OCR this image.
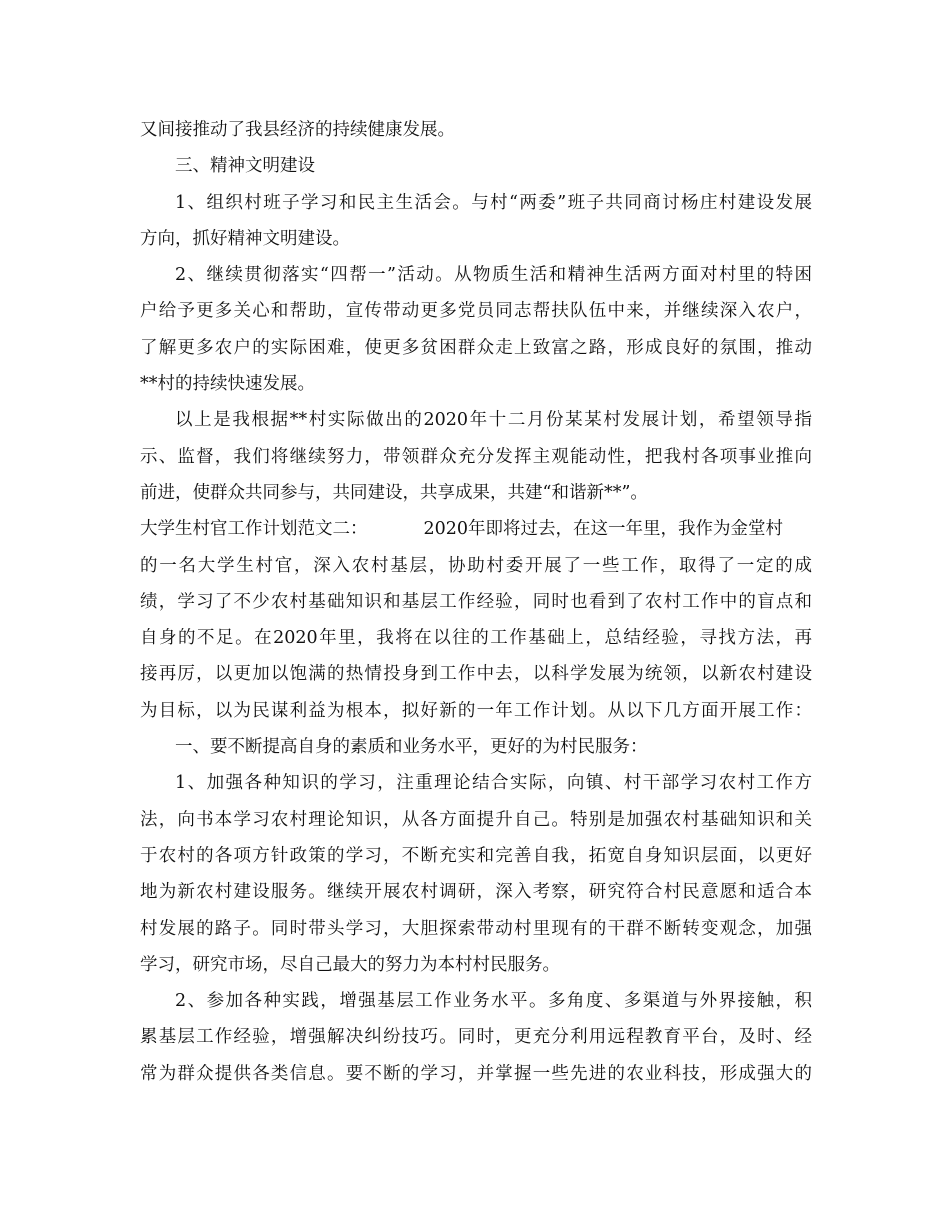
又间接推动了我县经济的持续健康发展。
三、精神文明建设
1、组织村班子学习和民主生活会。与村“两委”班子共同商讨杨庄村建设发展
方向，抓好精神文明建设。
2、继续贯彻落实“四帮一”活动。从物质生活和精神生活两方面对村里的特困
户给予更多关心和帮助，宣传带动更多党员同志帮扶队伍中来，并继续深入农户，
了解更多农户的实际困难，使更多贫困群众走上致富之路，形成良好的氛围，推动
**村的持续快速发展。
以上是我根据**村实际做出的2020年十二月份某某村发展计划，希望领导指
示、监督，我们将继续努力，带领群众充分发挥主观能动性，把我村各项事业推向
前进，使群众共同参与，共同建设，共享成果，共建“和谐新**”。
大学生村官工作计划范文二：	2020年即将过去，在这一年里，我作为金堂村
的一名大学生村官，深入农村基层，协助村委开展了一些工作，取得了一定的成
绩，学习了不少农村基础知识和基层工作经验，同时也看到了农村工作中的盲点和
自身的不足。在2020年里，我将在以往的工作基础上，总结经验，寻找方法，再
接再厉，以更加以饱满的热情投身到工作中去，以科学发展为统领，以新农村建设
为目标，以为民谋利益为根本，拟好新的一年工作计划。从以下几方面开展工作：
一、要不断提高自身的素质和业务水平，更好的为村民服务：
1、加强各种知识的学习，注重理论结合实际，向镇、村干部学习农村工作方
法，向书本学习农村理论知识，从各方面提升自己。特别是加强农村基础知识和关
于农村的各项方针政策的学习，不断充实和完善自我，拓宽自身知识层面，以更好
地为新农村建设服务。继续开展农村调研，深入考察，研究符合村民意愿和适合本
村发展的路子。同时带头学习，大胆探索带动村里现有的干群不断转变观念，加强
学习，研究市场，尽自己最大的努力为本村村民服务。
2、参加各种实践，增强基层工作业务水平。多角度、多渠道与外界接触，积
累基层工作经验，增强解决纠纷技巧。同时，更充分利用远程教育平台，及时、经
常为群众提供各类信息。要不断的学习，并掌握一些先进的农业科技，形成强大的
